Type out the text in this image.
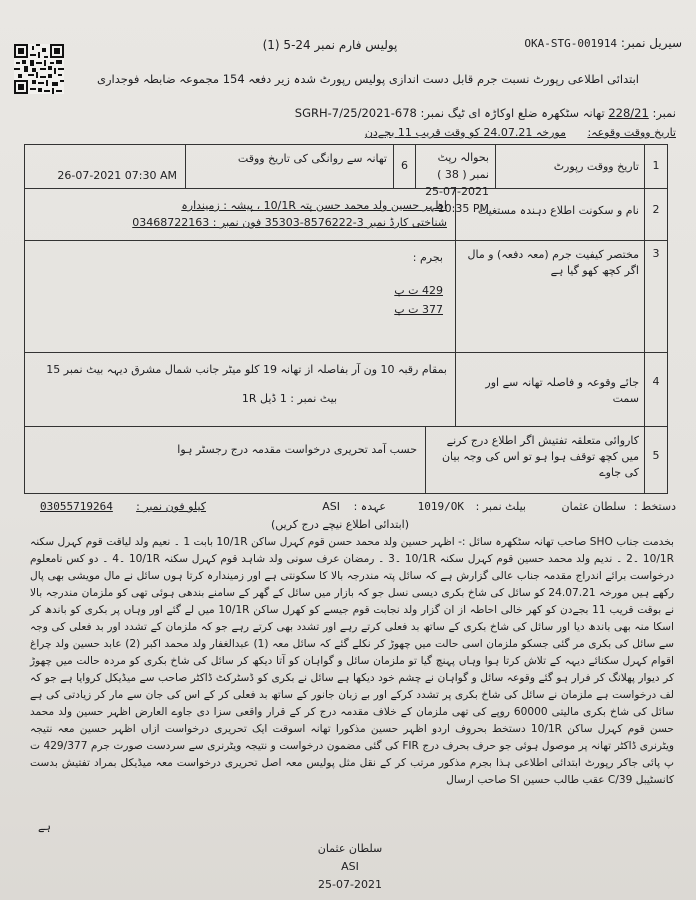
سیریل نمبر: OKA-STG-001914
پولیس فارم نمبر 24-5 (1)
ابتدائی اطلاعی رپورٹ نسبت جرم قابل دست اندازی پولیس رپورٹ شدہ زیر دفعہ 154 مجموعہ ضابطہ فوجداری
نمبر: 228/21 تھانہ سٹکھرہ ضلع اوکاڑہ ای ٹیگ نمبر: SGRH-7/25/2021-678
تاریخ ووقت وقوعہ:
مورخہ 24.07.21 کو وقت قریب 11 بجےدن
1
تاریخ ووقت رپورٹ
بحوالہ رپٹ نمبر ( 38 )
25-07-2021 10:35 PM
6
تھانہ سے روانگی کی تاریخ ووقت
26-07-2021 07:30 AM
2
نام و سکونت اطلاع دہندہ مستغیث
اظہر حسین ولد محمد حسن پتہ 10/1R ، پیشہ : زمیندارہ
شناختی کارڈ نمبر 3-8576222-35303 فون نمبر : 03468722163
3
مختصر کیفیت جرم (معہ دفعہ) و مال اگر کچھ کھو گیا ہے
بجرم :
429 ت پ
377 ت پ
4
جائے وقوعہ و فاصلہ تھانہ سے اور سمت
بمقام رقبہ 10 ون آر بفاصلہ از تھانہ 19 کلو میٹر جانب شمال مشرق دیہہ بیٹ نمبر 15
بیٹ نمبر : 1 ڈیل 1R
5
کاروائی متعلقہ تفتیش اگر اطلاع درج کرنے میں کچھ توقف ہوا ہو تو اس کی وجہ بیان کی جاوے
حسب آمد تحریری درخواست مقدمہ درج رجسٹر ہوا
دستخط :
سلطان عثمان
بیلٹ نمبر :
1019/OK
عہدہ :
ASI
کیلو فون نمبر :
03055719264
(ابتدائی اطلاع نیچے درج کریں)

بخدمت جناب SHO صاحب تھانہ سٹکھرہ سائل :- اظہر حسین ولد محمد حسن قوم کہرل ساکن 10/1R بابت 1 ۔ نعیم ولد لیاقت قوم کہرل سکنہ 10/1R ۔2 ۔ ندیم ولد محمد حسین قوم کہرل سکنہ 10/1R ۔3 ۔ رمضان عرف سونی ولد شاہد قوم کہرل سکنہ 10/1R ۔4 ۔ دو کس نامعلوم درخواست برائے اندراج مقدمہ جناب عالی گزارش ہے کہ سائل پتہ مندرجہ بالا کا سکونتی ہے اور زمیندارہ کرتا ہوں سائل نے مال مویشی بھی پال رکھے ہیں مورخہ 24.07.21 کو سائل کی شاخ بکری دیسی نسل جو کہ بازار میں سائل کے گھر کے سامنے بندھی ہوئی تھی کو ملزمان مندرجہ بالا نے بوقت قریب 11 بجےدن کو کھر خالی احاطہ از ان گزار ولد نجابت قوم جیسے کو کھرل ساکن 10/1R میں لے گئے اور وہاں پر بکری کو باندھ کر اسکا منہ بھی باندھ دیا اور سائل کی شاخ بکری کے ساتھ بد فعلی کرتے رہے اور تشدد بھی کرتے رہے جو کہ ملزمان کے تشدد اور بد فعلی کی وجہ سے سائل کی بکری مر گئی جسکو ملزمان اسی حالت میں چھوڑ کر نکلے گئے کہ سائل معہ (1) عبدالغفار ولد محمد اکبر (2) عابد حسین ولد چراغ اقوام کہرل سکنائے دیہہ کے تلاش کرتا ہوا وہاں پہنچ گیا تو ملزمان سائل و گواہان کو آتا دیکھ کر سائل کی شاخ بکری کو مردہ حالت میں چھوڑ کر دیوار پھلانگ کر فرار ہو گئے وقوعہ سائل و گواہان نے چشم خود دیکھا ہے سائل نے بکری کو ڈسٹرکٹ ڈاکٹر صاحب سے میڈیکل کروایا ہے جو کہ لف درخواست ہے ملزمان نے سائل کی شاخ بکری پر تشدد کرکے اور بے زبان جانور کے ساتھ بد فعلی کر کے اس کی جان سے مار کر زیادتی کی ہے سائل کی شاخ بکری مالیتی 60000 روپے کی تھی ملزمان کے خلاف مقدمہ درج کر کے قرار واقعی سزا دی جاوے العارض اظہر حسین ولد محمد حسن قوم کہرل ساکن 10/1R دستخط بحروف اردو اظہر حسین مذکورا تھانہ اسوقت ایک تحریری درخواست ازاں اظہر حسین معہ نتیجہ ویٹرنری ڈاکٹر تھانہ پر موصول ہوئی جو حرف بحرف درج FIR کی گئی مضمون درخواست و نتیجہ ویٹرنری سے سردست صورت جرم 429/377 ت پ پائی جاکر رپورٹ ابتدائی اطلاعی ہذا بجرم مذکور مرتب کر کے نقل مثل پولیس معہ اصل تحریری درخواست معہ میڈیکل بمراد تفتیش بدست کانسٹیبل C/39 عقب طالب حسین SI صاحب ارسال

ہے
سلطان عثمان
ASI
25-07-2021
